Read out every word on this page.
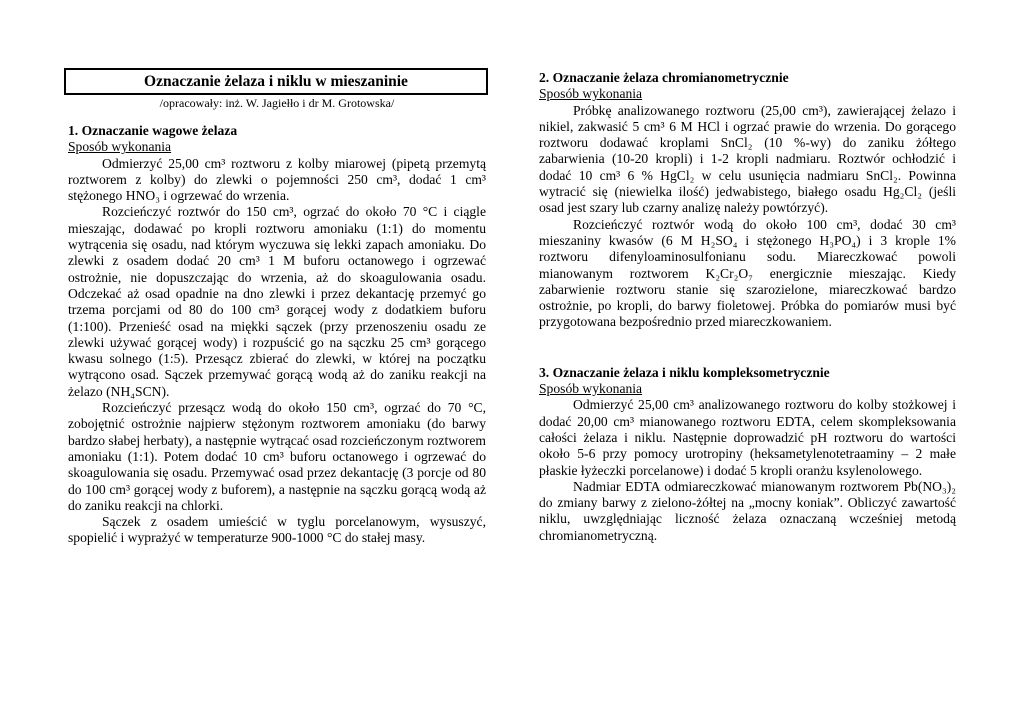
Oznaczanie żelaza i niklu w mieszaninie
/opracowały: inż. W. Jagiełło i dr M. Grotowska/
1. Oznaczanie wagowe żelaza
Sposób wykonania

Odmierzyć 25,00 cm³ roztworu z kolby miarowej (pipetą przemytą roztworem z kolby) do zlewki o pojemności 250 cm³, dodać 1 cm³ stężonego HNO₃ i ogrzewać do wrzenia.

Rozcieńczyć roztwór do 150 cm³, ogrzać do około 70 °C i ciągle mieszając, dodawać po kropli roztworu amoniaku (1:1) do momentu wytrącenia się osadu, nad którym wyczuwa się lekki zapach amoniaku. Do zlewki z osadem dodać 20 cm³ 1 M buforu octanowego i ogrzewać ostrożnie, nie dopuszczając do wrzenia, aż do skoagulowania osadu. Odczekać aż osad opadnie na dno zlewki i przez dekantację przemyć go trzema porcjami od 80 do 100 cm³ gorącej wody z dodatkiem buforu (1:100). Przenieść osad na miękki sączek (przy przenoszeniu osadu ze zlewki używać gorącej wody) i rozpuścić go na sączku 25 cm³ gorącego kwasu solnego (1:5). Przesącz zbierać do zlewki, w której na początku wytrącono osad. Sączek przemywać gorącą wodą aż do zaniku reakcji na żelazo (NH₄SCN).

Rozcieńczyć przesącz wodą do około 150 cm³, ogrzać do 70 °C, zobojętnić ostrożnie najpierw stężonym roztworem amoniaku (do barwy bardzo słabej herbaty), a następnie wytrącać osad rozcieńczonym roztworem amoniaku (1:1). Potem dodać 10 cm³ buforu octanowego i ogrzewać do skoagulowania się osadu. Przemywać osad przez dekantację (3 porcje od 80 do 100 cm³ gorącej wody z buforem), a następnie na sączku gorącą wodą aż do zaniku reakcji na chlorki.

Sączek z osadem umieścić w tyglu porcelanowym, wysuszyć, spopielić i wyprażyć w temperaturze 900-1000 °C do stałej masy.

2. Oznaczanie żelaza chromianometrycznie
Sposób wykonania

Próbkę analizowanego roztworu (25,00 cm³), zawierającej żelazo i nikiel, zakwasić 5 cm³ 6 M HCl i ogrzać prawie do wrzenia. Do gorącego roztworu dodawać kroplami SnCl₂ (10 %-wy) do zaniku żółtego zabarwienia (10-20 kropli) i 1-2 kropli nadmiaru. Roztwór ochłodzić i dodać 10 cm³ 6 % HgCl₂ w celu usunięcia nadmiaru SnCl₂. Powinna wytracić się (niewielka ilość) jedwabistego, białego osadu Hg₂Cl₂ (jeśli osad jest szary lub czarny analizę należy powtórzyć).

Rozcieńczyć roztwór wodą do około 100 cm³, dodać 30 cm³ mieszaniny kwasów (6 M H₂SO₄ i stężonego H₃PO₄) i 3 krople 1% roztworu difenyloaminosulfonianu sodu. Miareczkować powoli mianowanym roztworem K₂Cr₂O₇ energicznie mieszając. Kiedy zabarwienie roztworu stanie się szarozielone, miareczkować bardzo ostrożnie, po kropli, do barwy fioletowej. Próbka do pomiarów musi być przygotowana bezpośrednio przed miareczkowaniem.

3. Oznaczanie żelaza i niklu kompleksometrycznie
Sposób wykonania

Odmierzyć 25,00 cm³ analizowanego roztworu do kolby stożkowej i dodać 20,00 cm³ mianowanego roztworu EDTA, celem skompleksowania całości żelaza i niklu. Następnie doprowadzić pH roztworu do wartości około 5-6 przy pomocy urotropiny (heksametylenotetraaminy – 2 małe płaskie łyżeczki porcelanowe) i dodać 5 kropli oranżu ksylenolowego.

Nadmiar EDTA odmiareczkować mianowanym roztworem Pb(NO₃)₂ do zmiany barwy z zielono-żółtej na „mocny koniak”. Obliczyć zawartość niklu, uwzględniając liczność żelaza oznaczaną wcześniej metodą chromianometryczną.
